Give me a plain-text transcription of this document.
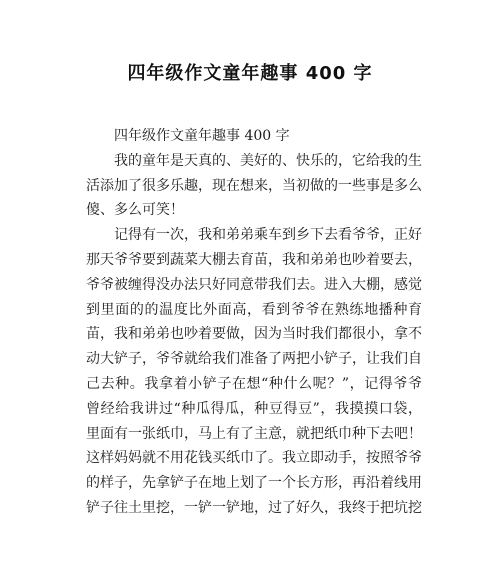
四年级作文童年趣事 400 字

四年级作文童年趣事 400 字

我的童年是天真的、美好的、快乐的，它给我的生活添加了很多乐趣，现在想来，当初做的一些事是多么傻、多么可笑！

记得有一次，我和弟弟乘车到乡下去看爷爷，正好那天爷爷要到蔬菜大棚去育苗，我和弟弟也吵着要去，爷爷被缠得没办法只好同意带我们去。进入大棚，感觉到里面的的温度比外面高，看到爷爷在熟练地播种育苗，我和弟弟也吵着要做，因为当时我们都很小，拿不动大铲子，爷爷就给我们准备了两把小铲子，让我们自己去种。我拿着小铲子在想“种什么呢？”，记得爷爷曾经给我讲过“种瓜得瓜，种豆得豆”，我摸摸口袋，里面有一张纸巾，马上有了主意，就把纸巾种下去吧！这样妈妈就不用花钱买纸巾了。我立即动手，按照爷爷的样子，先拿铲子在地上划了一个长方形，再沿着线用铲子往土里挖，一铲一铲地，过了好久，我终于把坑挖
